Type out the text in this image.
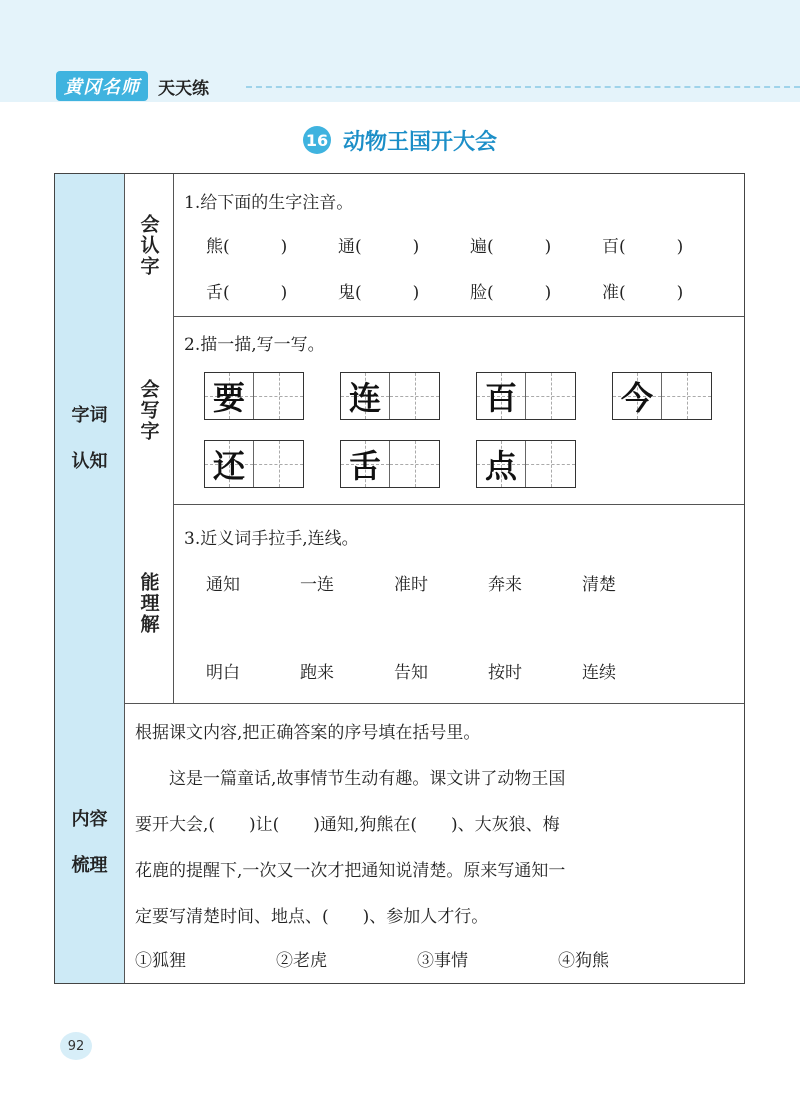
黄冈名师	天天练
16 动物王国开大会
字词
认知
会认字
会写字
能理解
1.给下面的生字注音。
熊(　　　)	通(　　　)	遍(　　　)	百(　　　)
舌(　　　)	鬼(　　　)	脸(　　　)	准(　　　)
2.描一描,写一写。
要	连	百	今
还	舌	点
3.近义词手拉手,连线。
通知	一连	准时	奔来	清楚
明白	跑来	告知	按时	连续
内容
梳理
根据课文内容,把正确答案的序号填在括号里。
　　这是一篇童话,故事情节生动有趣。课文讲了动物王国
要开大会,(　　)让(　　)通知,狗熊在(　　)、大灰狼、梅
花鹿的提醒下,一次又一次才把通知说清楚。原来写通知一
定要写清楚时间、地点、(　　)、参加人才行。
①狐狸	②老虎	③事情	④狗熊
92
